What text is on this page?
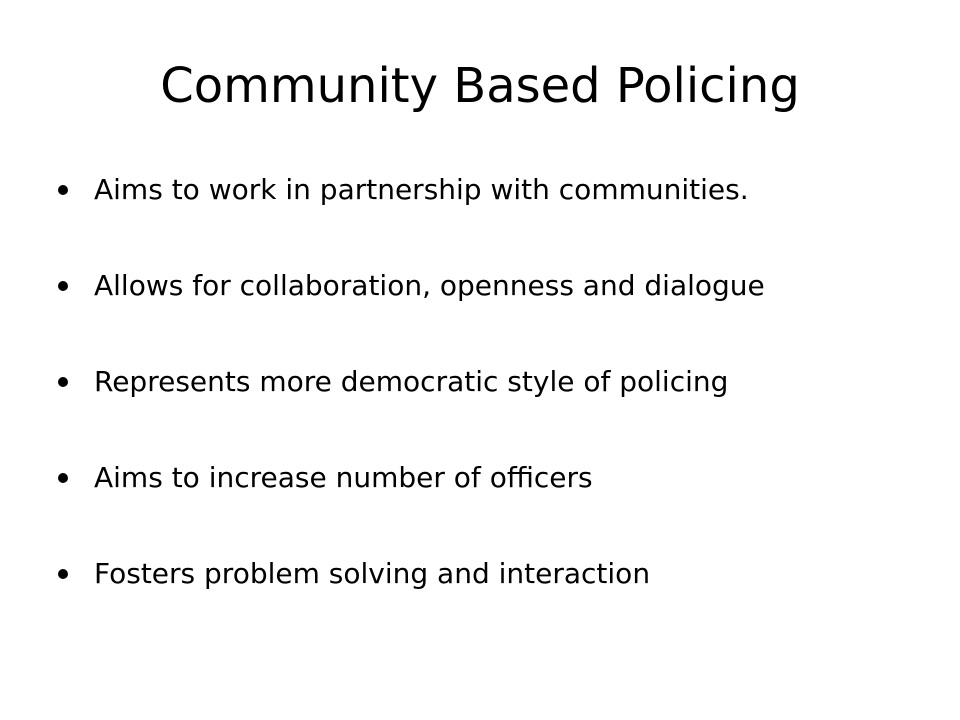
Community Based Policing
Aims to work in partnership with communities.
Allows for collaboration, openness and dialogue
Represents more democratic style of policing
Aims to increase number of officers
Fosters problem solving and interaction
